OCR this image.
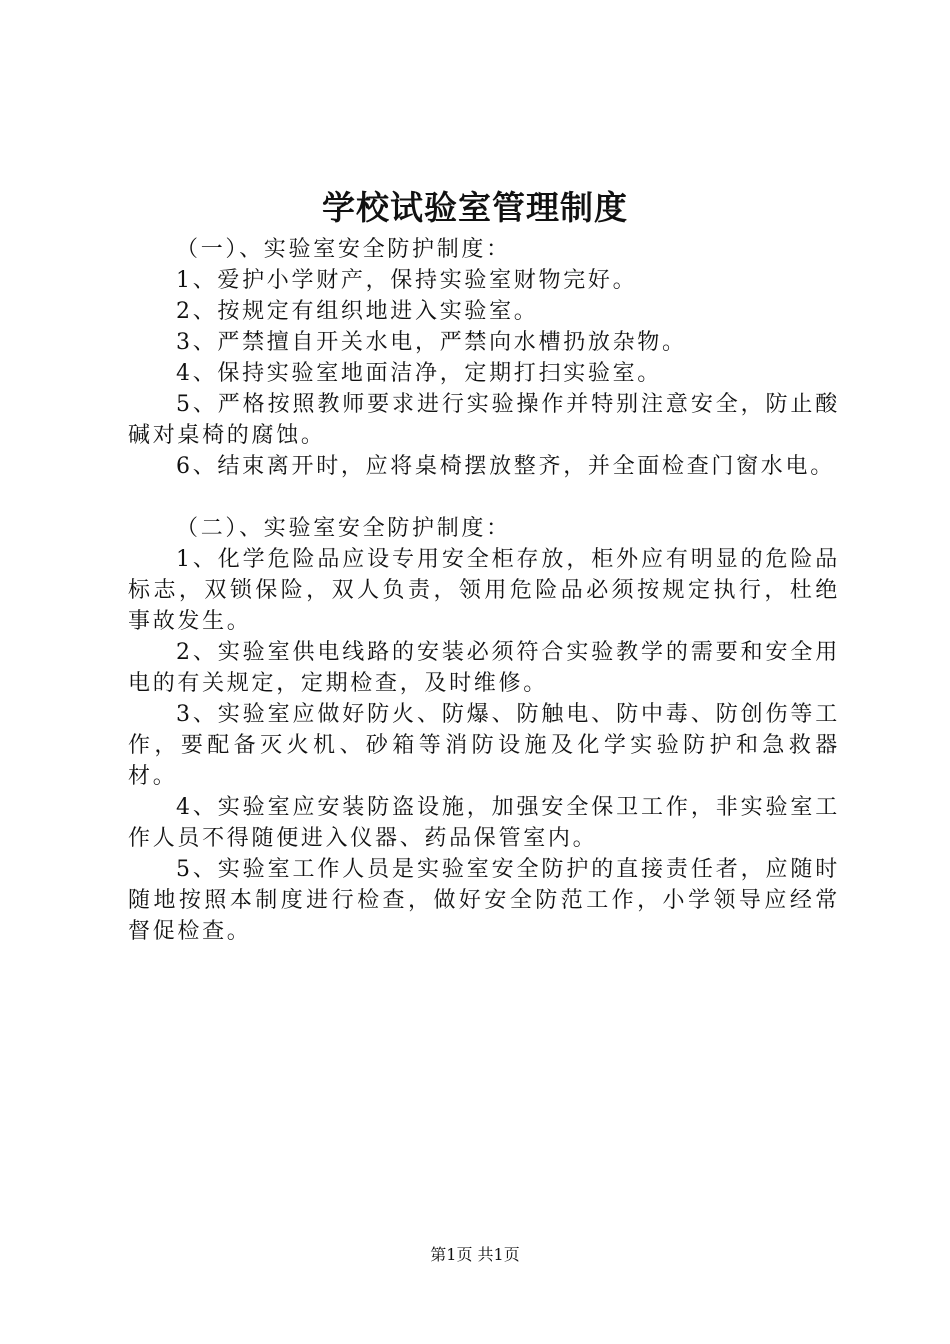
学校试验室管理制度

（一）、实验室安全防护制度：

1、爱护小学财产，保持实验室财物完好。

2、按规定有组织地进入实验室。

3、严禁擅自开关水电，严禁向水槽扔放杂物。

4、保持实验室地面洁净，定期打扫实验室。

5、严格按照教师要求进行实验操作并特别注意安全，防止酸碱对桌椅的腐蚀。

6、结束离开时，应将桌椅摆放整齐，并全面检查门窗水电。

（二）、实验室安全防护制度：

1、化学危险品应设专用安全柜存放，柜外应有明显的危险品标志，双锁保险，双人负责，领用危险品必须按规定执行，杜绝事故发生。

2、实验室供电线路的安装必须符合实验教学的需要和安全用电的有关规定，定期检查，及时维修。

3、实验室应做好防火、防爆、防触电、防中毒、防创伤等工作，要配备灭火机、砂箱等消防设施及化学实验防护和急救器材。

4、实验室应安装防盗设施，加强安全保卫工作，非实验室工作人员不得随便进入仪器、药品保管室内。

5、实验室工作人员是实验室安全防护的直接责任者，应随时随地按照本制度进行检查，做好安全防范工作，小学领导应经常督促检查。

第1页 共1页
